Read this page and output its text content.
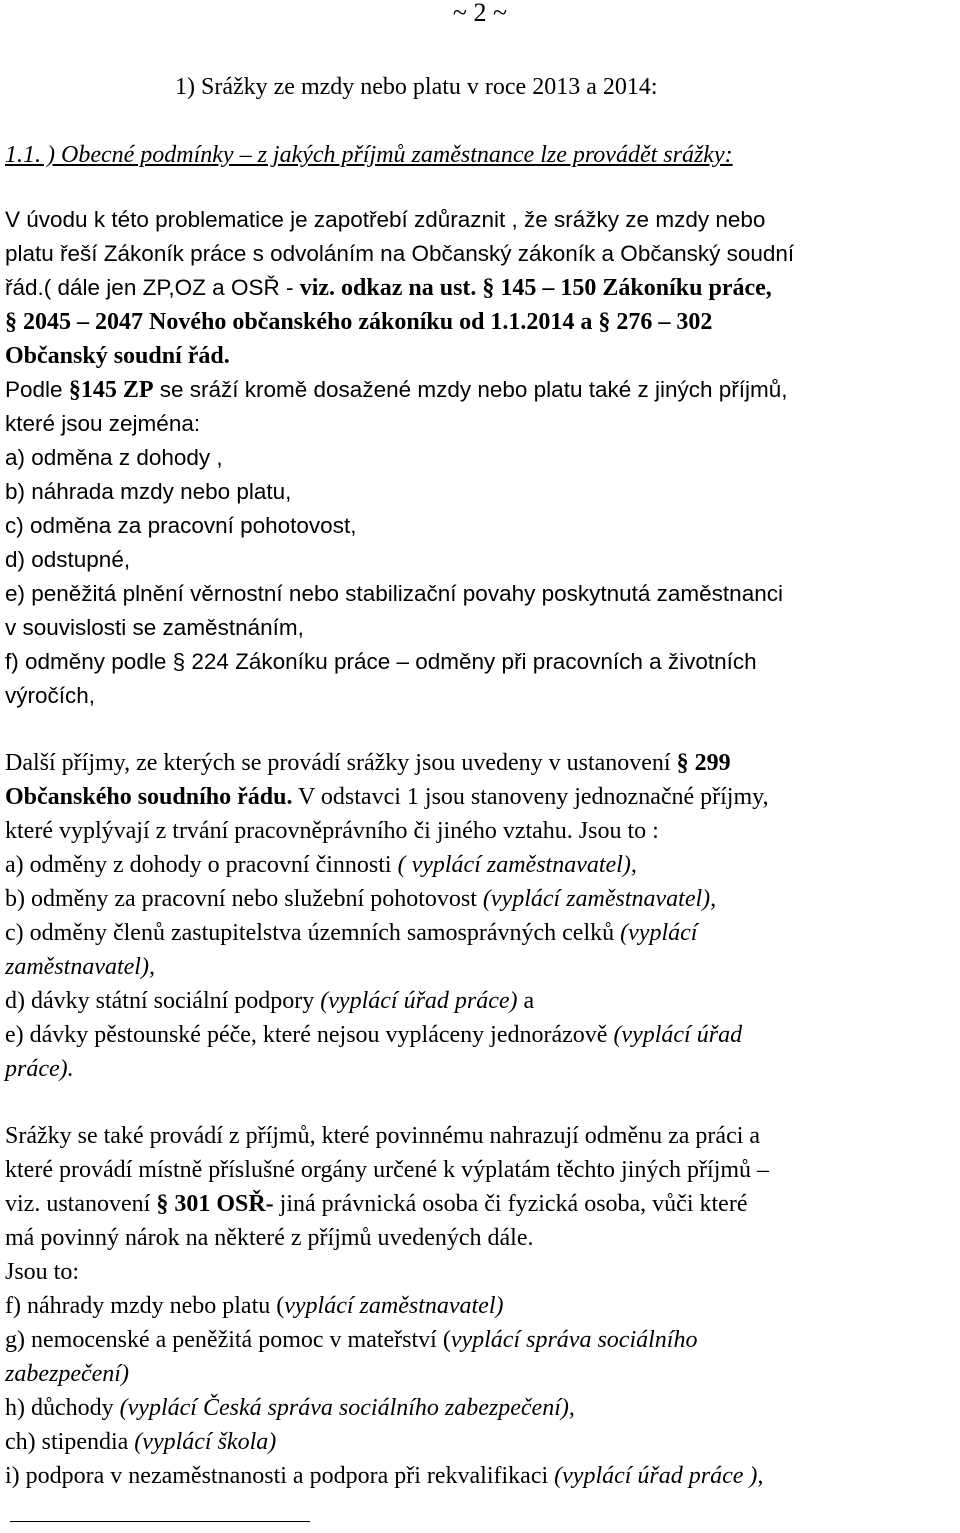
~ 2 ~
1) Srážky ze mzdy nebo platu v roce 2013 a 2014:
1.1. ) Obecné podmínky – z jakých příjmů zaměstnance lze provádět srážky:
V úvodu k této problematice je zapotřebí zdůraznit , že srážky ze mzdy nebo
platu řeší Zákoník práce s odvoláním na Občanský zákoník a Občanský soudní
řád.( dále jen ZP,OZ a OSŘ - viz. odkaz na ust. § 145 – 150 Zákoníku práce,
§ 2045 – 2047 Nového občanského zákoníku od 1.1.2014 a § 276 – 302
Občanský soudní řád.
Podle §145 ZP se sráží kromě dosažené mzdy nebo platu také z jiných příjmů,
které jsou zejména:
a) odměna z dohody ,
b) náhrada mzdy nebo platu,
c) odměna za pracovní pohotovost,
d) odstupné,
e) peněžitá plnění věrnostní nebo stabilizační povahy poskytnutá zaměstnanci
v souvislosti se zaměstnáním,
f) odměny podle § 224 Zákoníku práce – odměny při pracovních a životních
výročích,
Další příjmy, ze kterých se provádí srážky jsou uvedeny v ustanovení § 299
Občanského soudního řádu. V odstavci 1 jsou stanoveny jednoznačné příjmy,
které vyplývají z trvání pracovněprávního či jiného vztahu. Jsou to :
a) odměny z dohody o pracovní činnosti ( vyplácí zaměstnavatel),
b) odměny za pracovní nebo služební pohotovost (vyplácí zaměstnavatel),
c) odměny členů zastupitelstva územních samosprávných celků (vyplácí
zaměstnavatel),
d) dávky státní sociální podpory (vyplácí úřad práce) a
e) dávky pěstounské péče, které nejsou vypláceny jednorázově (vyplácí úřad
práce).
Srážky se také provádí z příjmů, které povinnému nahrazují odměnu za práci a
které provádí místně příslušné orgány určené k výplatám těchto jiných příjmů –
viz. ustanovení § 301 OSŘ- jiná právnická osoba či fyzická osoba, vůči které
má povinný nárok na některé z příjmů uvedených dále.
Jsou to:
f) náhrady mzdy nebo platu (vyplácí zaměstnavatel)
g) nemocenské a peněžitá pomoc v mateřství (vyplácí správa sociálního
zabezpečení)
h) důchody (vyplácí Česká správa sociálního zabezpečení),
ch) stipendia (vyplácí škola)
i) podpora v nezaměstnanosti a podpora při rekvalifikaci (vyplácí úřad práce ),
